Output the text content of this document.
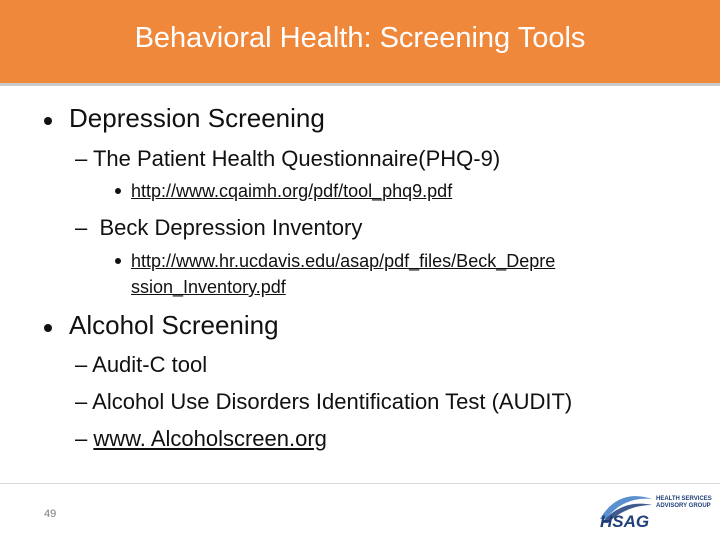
Behavioral Health: Screening Tools
Depression Screening
– The Patient Health Questionnaire(PHQ-9)
http://www.cqaimh.org/pdf/tool_phq9.pdf
–  Beck Depression Inventory
http://www.hr.ucdavis.edu/asap/pdf_files/Beck_Depre
ssion_Inventory.pdf
Alcohol Screening
– Audit-C tool
– Alcohol Use Disorders Identification Test (AUDIT)
– www. Alcoholscreen.org
49	HSAG
HEALTH SERVICES ADVISORY GROUP
